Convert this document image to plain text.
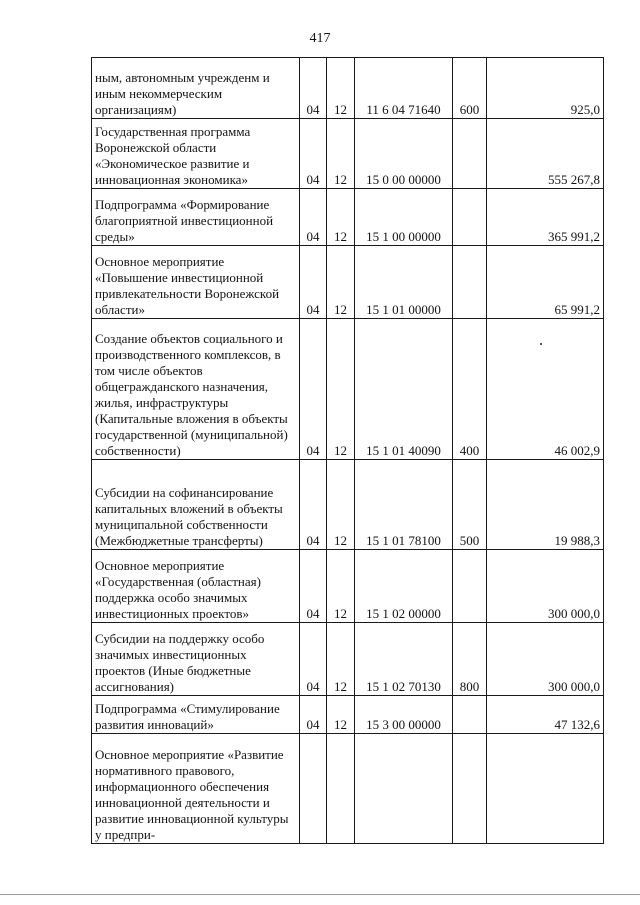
417
ным, автономным учрежденм и иным некоммерческим организациям)	04	12	11 6 04 71640	600	925,0
Государственная программа Воронежской области «Экономическое развитие и инновационная экономика»	04	12	15 0 00 00000		555 267,8
Подпрограмма «Формирование благоприятной инвестиционной среды»	04	12	15 1 00 00000		365 991,2
Основное мероприятие «Повышение инвестиционной привлекательности Воронежской области»	04	12	15 1 01 00000		65 991,2
Создание объектов социального и производственного комплексов, в том числе объектов общегражданского назначения, жилья, инфраструктуры (Капитальные вложения в объекты государственной (муниципальной) собственности)	04	12	15 1 01 40090	400	46 002,9
Субсидии на софинансирование капитальных вложений в объекты муниципальной собственности (Межбюджетные трансферты)	04	12	15 1 01 78100	500	19 988,3
Основное мероприятие «Государственная (областная) поддержка особо значимых инвестиционных проектов»	04	12	15 1 02 00000		300 000,0
Субсидии на поддержку особо значимых инвестиционных проектов (Иные бюджетные ассигнования)	04	12	15 1 02 70130	800	300 000,0
Подпрограмма «Стимулирование развития инноваций»	04	12	15 3 00 00000		47 132,6
Основное мероприятие «Развитие нормативного правового, информационного обеспечения инновационной деятельности и развитие инновационной культуры у предпри-					
